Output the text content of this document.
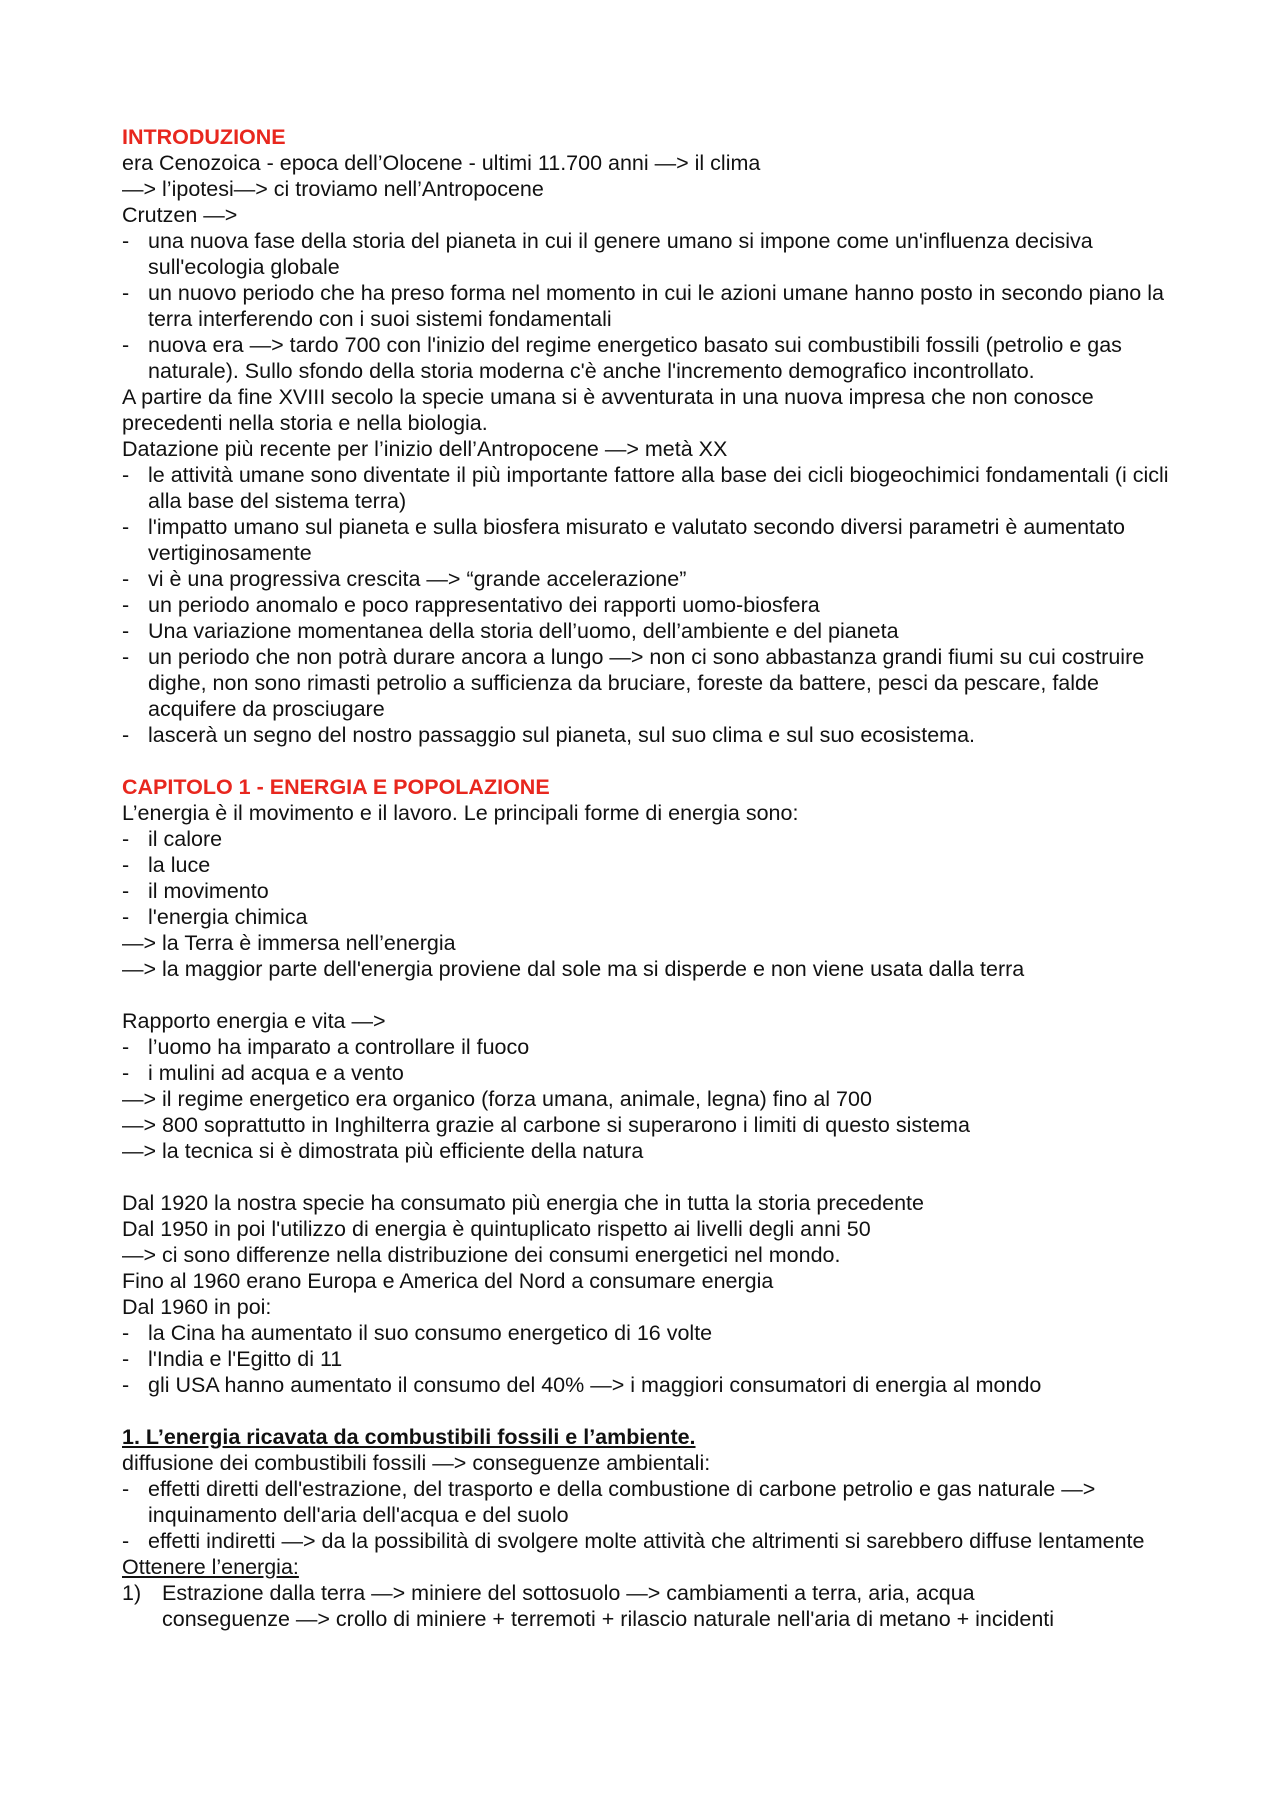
INTRODUZIONE

era Cenozoica - epoca dell’Olocene - ultimi 11.700 anni —> il clima

—> l’ipotesi—> ci troviamo nell’Antropocene

Crutzen —>

- una nuova fase della storia del pianeta in cui il genere umano si impone come un'influenza decisiva sull'ecologia globale
- un nuovo periodo che ha preso forma nel momento in cui le azioni umane hanno posto in secondo piano la terra interferendo con i suoi sistemi fondamentali
- nuova era —> tardo 700 con l'inizio del regime energetico basato sui combustibili fossili (petrolio e gas naturale). Sullo sfondo della storia moderna c'è anche l'incremento demografico incontrollato.

A partire da fine XVIII secolo la specie umana si è avventurata in una nuova impresa che non conosce precedenti nella storia e nella biologia.

Datazione più recente per l’inizio dell’Antropocene —> metà XX

- le attività umane sono diventate il più importante fattore alla base dei cicli biogeochimici fondamentali (i cicli alla base del sistema terra)
- l'impatto umano sul pianeta e sulla biosfera misurato e valutato secondo diversi parametri è aumentato vertiginosamente
- vi è una progressiva crescita —> “grande accelerazione”
- un periodo anomalo e poco rappresentativo dei rapporti uomo-biosfera
- Una variazione momentanea della storia dell’uomo, dell’ambiente e del pianeta
- un periodo che non potrà durare ancora a lungo —> non ci sono abbastanza grandi fiumi su cui costruire dighe, non sono rimasti petrolio a sufficienza da bruciare, foreste da battere, pesci da pescare, falde acquifere da prosciugare
- lascerà un segno del nostro passaggio sul pianeta, sul suo clima e sul suo ecosistema.

CAPITOLO 1 - ENERGIA E POPOLAZIONE

L’energia è il movimento e il lavoro. Le principali forme di energia sono:

- il calore
- la luce
- il movimento
- l'energia chimica

—> la Terra è immersa nell’energia

—> la maggior parte dell'energia proviene dal sole ma si disperde e non viene usata dalla terra

Rapporto energia e vita —>

- l’uomo ha imparato a controllare il fuoco
- i mulini ad acqua e a vento

—> il regime energetico era organico (forza umana, animale, legna) fino al 700

—> 800 soprattutto in Inghilterra grazie al carbone si superarono i limiti di questo sistema

—> la tecnica si è dimostrata più efficiente della natura

Dal 1920 la nostra specie ha consumato più energia che in tutta la storia precedente

Dal 1950 in poi l'utilizzo di energia è quintuplicato rispetto ai livelli degli anni 50

—> ci sono differenze nella distribuzione dei consumi energetici nel mondo.

Fino al 1960 erano Europa e America del Nord a consumare energia

Dal 1960 in poi:

- la Cina ha aumentato il suo consumo energetico di 16 volte
- l'India e l'Egitto di 11
- gli USA hanno aumentato il consumo del 40% —> i maggiori consumatori di energia al mondo

1. L’energia ricavata da combustibili fossili e l’ambiente.

diffusione dei combustibili fossili —> conseguenze ambientali:

- effetti diretti dell'estrazione, del trasporto e della combustione di carbone petrolio e gas naturale —> inquinamento dell'aria dell'acqua e del suolo
- effetti indiretti —> da la possibilità di svolgere molte attività che altrimenti si sarebbero diffuse lentamente

Ottenere l’energia:

1) Estrazione dalla terra —> miniere del sottosuolo —> cambiamenti a terra, aria, acqua
conseguenze —> crollo di miniere + terremoti + rilascio naturale nell'aria di metano + incidenti
